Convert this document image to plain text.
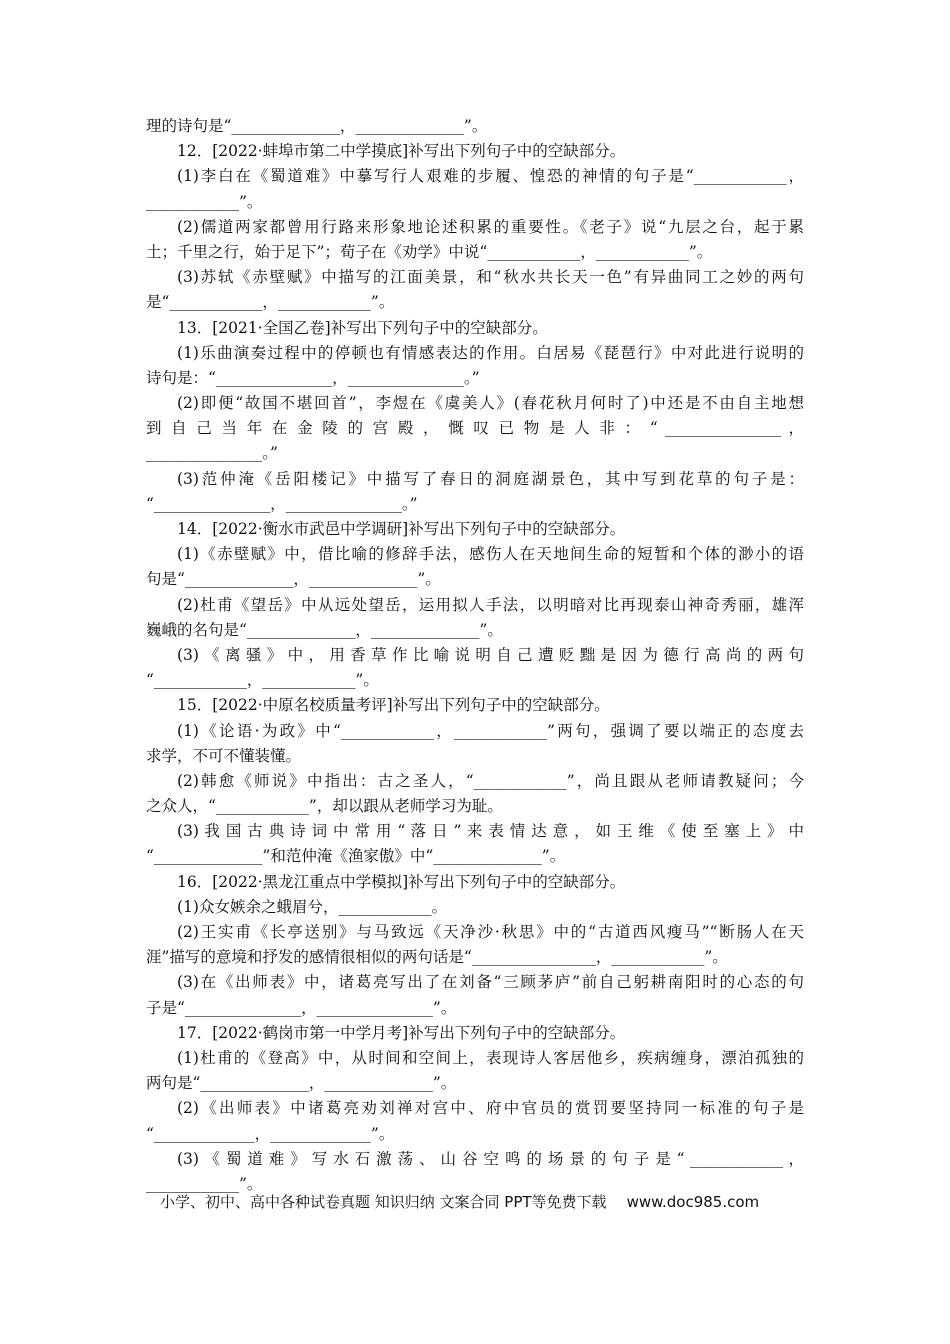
理的诗句是“______________，______________”。
12．[2022·蚌埠市第二中学摸底]补写出下列句子中的空缺部分。
(1)李白在《蜀道难》中摹写行人艰难的步履、惶恐的神情的句子是“____________，
____________”。
(2)儒道两家都曾用行路来形象地论述积累的重要性。《老子》说“九层之台，起于累
土；千里之行，始于足下”；荀子在《劝学》中说“____________，____________”。
(3)苏轼《赤壁赋》中描写的江面美景，和“秋水共长天一色”有异曲同工之妙的两句
是“____________，____________”。
13．[2021·全国乙卷]补写出下列句子中的空缺部分。
(1)乐曲演奏过程中的停顿也有情感表达的作用。白居易《琵琶行》中对此进行说明的
诗句是：“_______________，_______________。”
(2)即便“故国不堪回首”，李煜在《虞美人》(春花秋月何时了)中还是不由自主地想
到 自 己 当 年 在 金 陵 的 宫 殿 ， 慨 叹 已 物 是 人 非 ： “ _______________ ，
_______________。”
(3)范仲淹《岳阳楼记》中描写了春日的洞庭湖景色，其中写到花草的句子是：
“_______________，_______________。”
14．[2022·衡水市武邑中学调研]补写出下列句子中的空缺部分。
(1)《赤壁赋》中，借比喻的修辞手法，感伤人在天地间生命的短暂和个体的渺小的语
句是“______________，______________”。
(2)杜甫《望岳》中从远处望岳，运用拟人手法，以明暗对比再现泰山神奇秀丽，雄浑
巍峨的名句是“______________，______________”。
(3) 《 离 骚 》 中 ， 用 香 草 作 比 喻 说 明 自 己 遭 贬 黜 是 因 为 德 行 高 尚 的 两 句
“____________，____________”。
15．[2022·中原名校质量考评]补写出下列句子中的空缺部分。
(1)《论语·为政》中“____________，____________”两句，强调了要以端正的态度去
求学，不可不懂装懂。
(2)韩愈《师说》中指出：古之圣人，“____________”，尚且跟从老师请教疑问；今
之众人，“____________”，却以跟从老师学习为耻。
(3) 我 国 古 典 诗 词 中 常 用 “ 落 日 ” 来 表 情 达 意 ， 如 王 维 《 使 至 塞 上 》 中
“______________”和范仲淹《渔家傲》中“______________”。
16．[2022·黑龙江重点中学模拟]补写出下列句子中的空缺部分。
(1)众女嫉余之蛾眉兮，____________。
(2)王实甫《长亭送别》与马致远《天净沙·秋思》中的“古道西风瘦马”“断肠人在天
涯”描写的意境和抒发的感情很相似的两句话是“________________，____________”。
(3)在《出师表》中，诸葛亮写出了在刘备“三顾茅庐”前自己躬耕南阳时的心态的句
子是“_______________，_______________”。
17．[2022·鹤岗市第一中学月考]补写出下列句子中的空缺部分。
(1)杜甫的《登高》中，从时间和空间上，表现诗人客居他乡，疾病缠身，漂泊孤独的
两句是“______________，______________”。
(2)《出师表》中诸葛亮劝刘禅对宫中、府中官员的赏罚要坚持同一标准的句子是
“_____________，_____________”。
(3) 《 蜀 道 难 》 写 水 石 激 荡 、 山 谷 空 鸣 的 场 景 的 句 子 是 “ ____________ ，
____________”。
小学、初中、高中各种试卷真题 知识归纳 文案合同 PPT等免费下载 www.doc985.com
